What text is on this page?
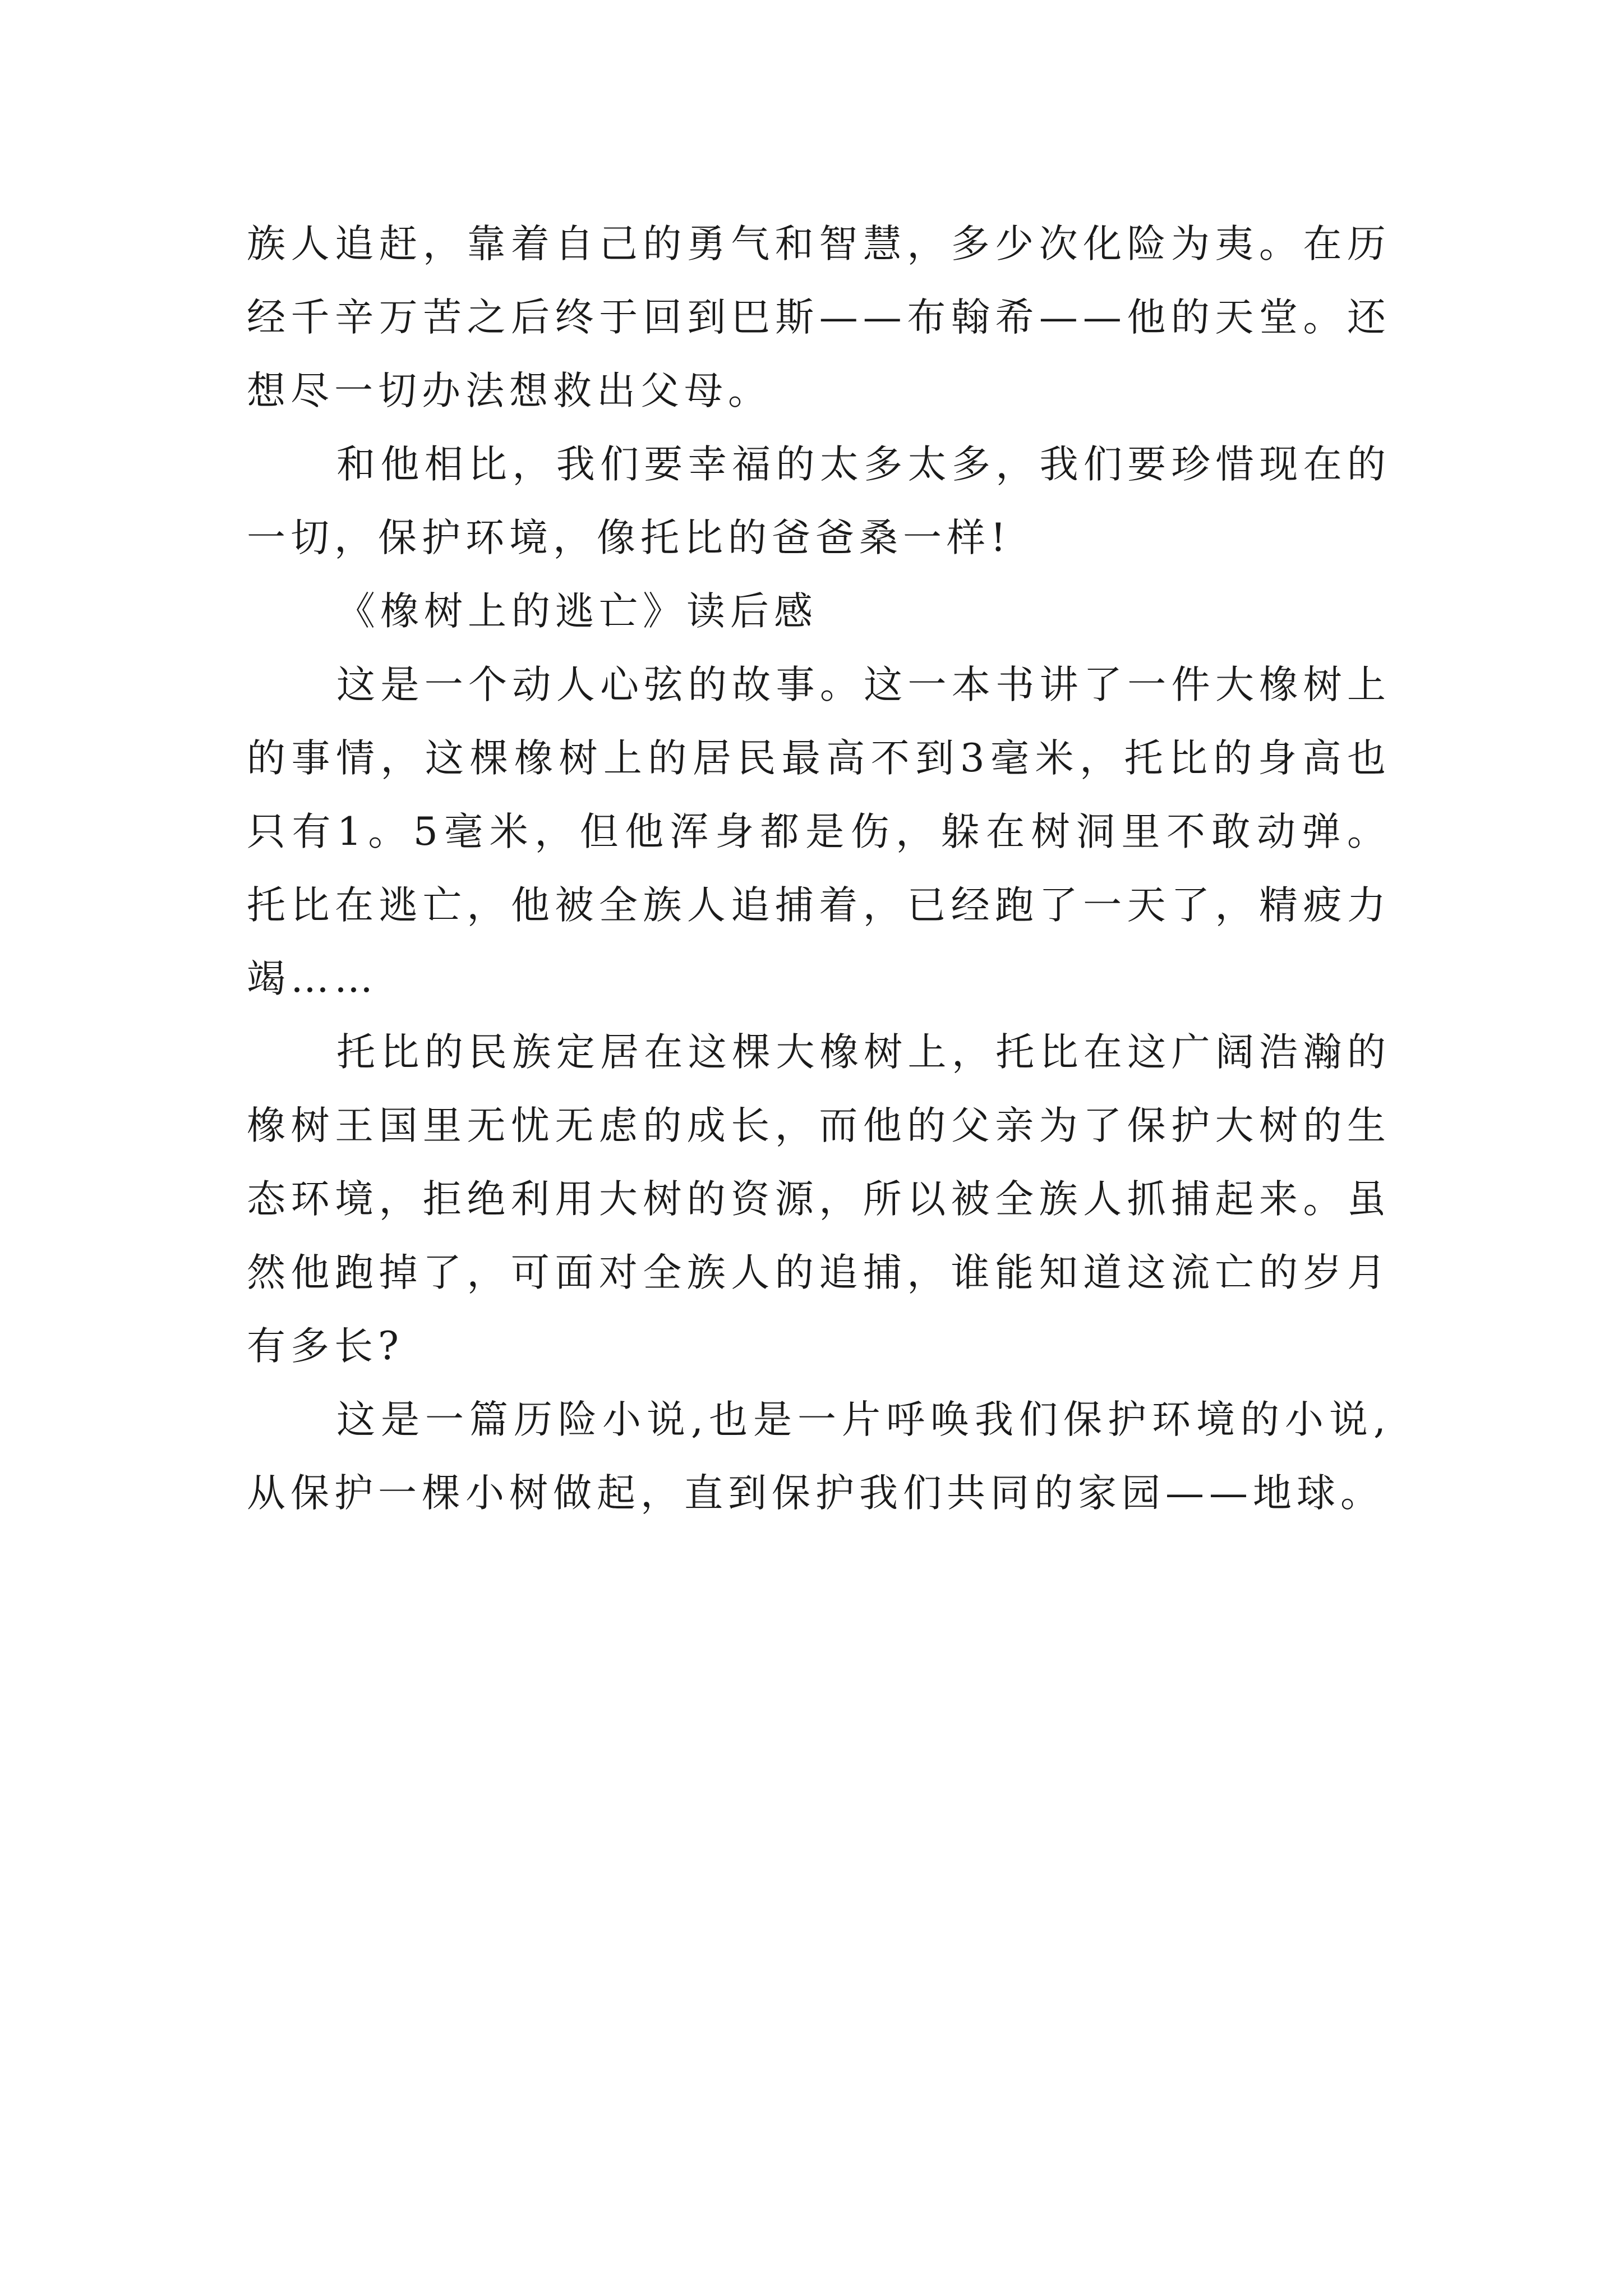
族人追赶，靠着自己的勇气和智慧，多少次化险为夷。在历经千辛万苦之后终于回到巴斯——布翰希——他的天堂。还想尽一切办法想救出父母。

和他相比，我们要幸福的太多太多，我们要珍惜现在的一切，保护环境，像托比的爸爸桑一样!

《橡树上的逃亡》读后感

这是一个动人心弦的故事。这一本书讲了一件大橡树上的事情，这棵橡树上的居民最高不到3毫米，托比的身高也只有1。5毫米，但他浑身都是伤，躲在树洞里不敢动弹。托比在逃亡，他被全族人追捕着，已经跑了一天了，精疲力竭……

托比的民族定居在这棵大橡树上，托比在这广阔浩瀚的橡树王国里无忧无虑的成长，而他的父亲为了保护大树的生态环境，拒绝利用大树的资源，所以被全族人抓捕起来。虽然他跑掉了，可面对全族人的追捕，谁能知道这流亡的岁月有多长?

这是一篇历险小说,也是一片呼唤我们保护环境的小说,从保护一棵小树做起，直到保护我们共同的家园——地球。
